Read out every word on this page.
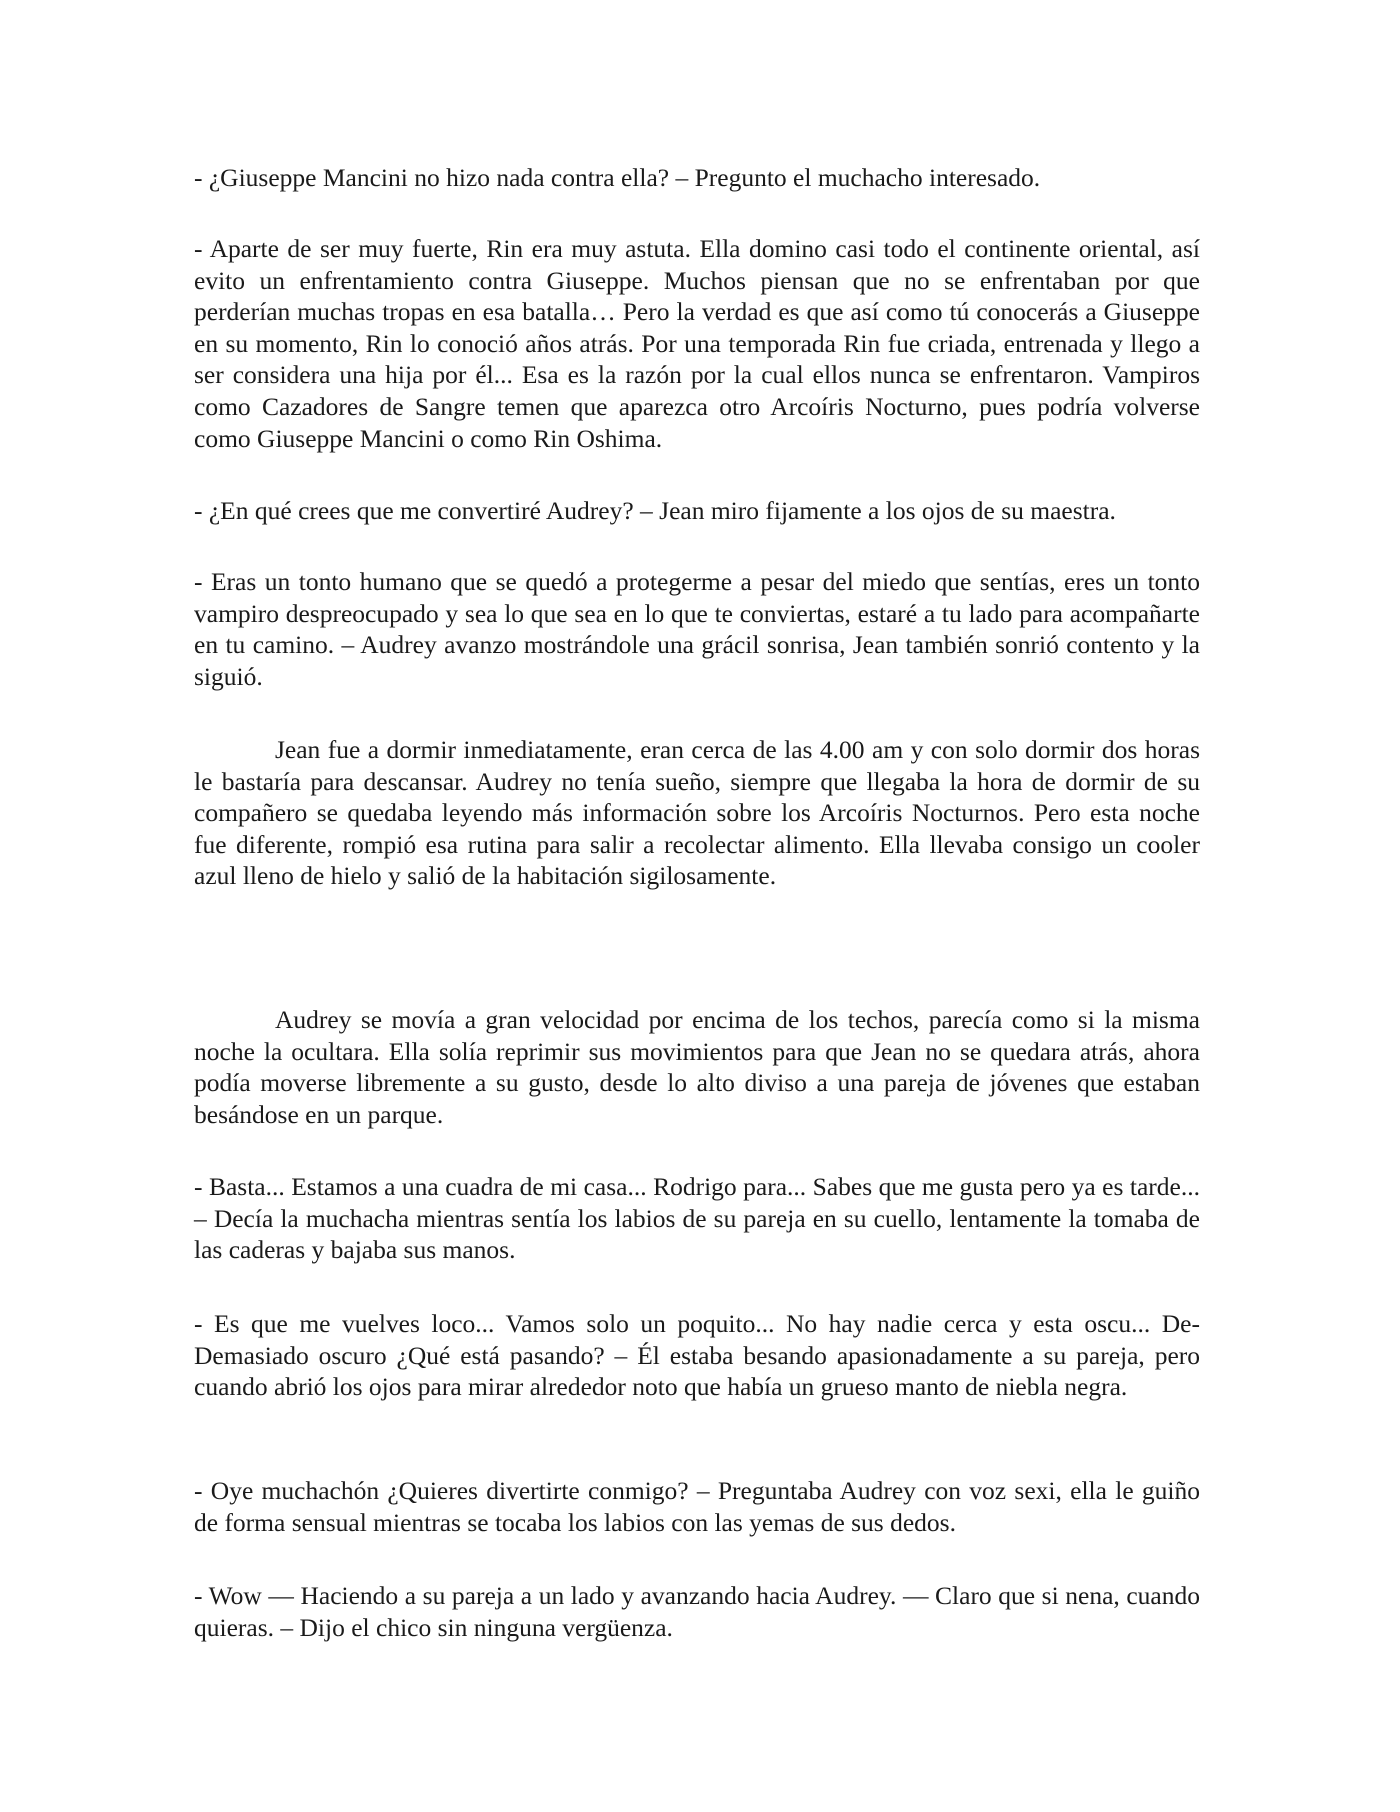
- ¿Giuseppe Mancini no hizo nada contra ella? – Pregunto el muchacho interesado.

- Aparte de ser muy fuerte, Rin era muy astuta. Ella domino casi todo el continente oriental, así evito un enfrentamiento contra Giuseppe. Muchos piensan que no se enfrentaban por que perderían muchas tropas en esa batalla… Pero la verdad es que así como tú conocerás a Giuseppe en su momento, Rin lo conoció años atrás. Por una temporada Rin fue criada, entrenada y llego a ser considera una hija por él... Esa es la razón por la cual ellos nunca se enfrentaron. Vampiros como Cazadores de Sangre temen que aparezca otro Arcoíris Nocturno, pues podría volverse como Giuseppe Mancini o como Rin Oshima.

- ¿En qué crees que me convertiré Audrey? – Jean miro fijamente a los ojos de su maestra.

- Eras un tonto humano que se quedó a protegerme a pesar del miedo que sentías, eres un tonto vampiro despreocupado y sea lo que sea en lo que te conviertas, estaré a tu lado para acompañarte en tu camino. – Audrey avanzo mostrándole una grácil sonrisa, Jean también sonrió contento y la siguió.

Jean fue a dormir inmediatamente, eran cerca de las 4.00 am y con solo dormir dos horas le bastaría para descansar. Audrey no tenía sueño, siempre que llegaba la hora de dormir de su compañero se quedaba leyendo más información sobre los Arcoíris Nocturnos. Pero esta noche fue diferente, rompió esa rutina para salir a recolectar alimento. Ella llevaba consigo un cooler azul lleno de hielo y salió de la habitación sigilosamente.

Audrey se movía a gran velocidad por encima de los techos, parecía como si la misma noche la ocultara. Ella solía reprimir sus movimientos para que Jean no se quedara atrás, ahora podía moverse libremente a su gusto, desde lo alto diviso a una pareja de jóvenes que estaban besándose en un parque.

- Basta... Estamos a una cuadra de mi casa... Rodrigo para... Sabes que me gusta pero ya es tarde... – Decía la muchacha mientras sentía los labios de su pareja en su cuello, lentamente la tomaba de las caderas y bajaba sus manos.

- Es que me vuelves loco... Vamos solo un poquito... No hay nadie cerca y esta oscu... De-Demasiado oscuro ¿Qué está pasando? – Él estaba besando apasionadamente a su pareja, pero cuando abrió los ojos para mirar alrededor noto que había un grueso manto de niebla negra.

- Oye muchachón ¿Quieres divertirte conmigo? – Preguntaba Audrey con voz sexi, ella le guiño de forma sensual mientras se tocaba los labios con las yemas de sus dedos.

- Wow — Haciendo a su pareja a un lado y avanzando hacia Audrey. — Claro que si nena, cuando quieras. – Dijo el chico sin ninguna vergüenza.
